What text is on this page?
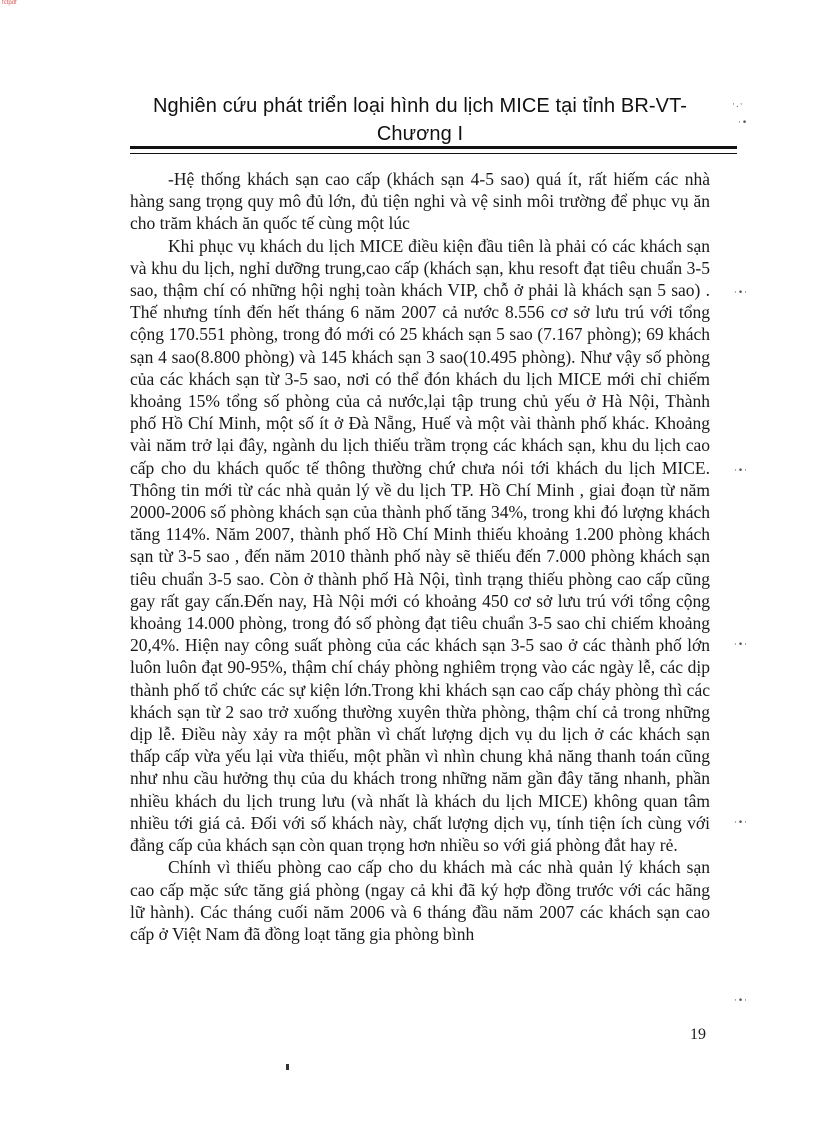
fctpdf
Nghiên cứu phát triển loại hình du lịch MICE tại tỉnh BR-VT-
Chương I

-Hệ thống khách sạn cao cấp (khách sạn 4-5 sao) quá ít, rất hiếm các nhà hàng sang trọng quy mô đủ lớn, đủ tiện nghi và vệ sinh môi trường để phục vụ ăn cho trăm khách ăn quốc tế cùng một lúc

Khi phục vụ khách du lịch MICE điều kiện đầu tiên là phải có các khách sạn và khu du lịch, nghỉ dưỡng trung,cao cấp (khách sạn, khu resoft đạt tiêu chuẩn 3-5 sao, thậm chí có những hội nghị toàn khách VIP, chỗ ở phải là khách sạn 5 sao) . Thế nhưng tính đến hết tháng 6 năm 2007 cả nước 8.556 cơ sở lưu trú với tổng cộng 170.551 phòng, trong đó mới có 25 khách sạn 5 sao (7.167 phòng); 69 khách sạn 4 sao(8.800 phòng) và 145 khách sạn 3 sao(10.495 phòng). Như vậy số phòng của các khách sạn từ 3-5 sao, nơi có thể đón khách du lịch MICE mới chỉ chiếm khoảng 15% tổng số phòng của cả nước,lại tập trung chủ yếu ở Hà Nội, Thành phố Hồ Chí Minh, một số ít ở Đà Nẵng, Huế và một vài thành phố khác. Khoảng vài năm trở lại đây, ngành du lịch thiếu trầm trọng các khách sạn, khu du lịch cao cấp cho du khách quốc tế thông thường chứ chưa nói tới khách du lịch MICE. Thông tin mới từ các nhà quản lý về du lịch TP. Hồ Chí Minh , giai đoạn từ năm 2000-2006 số phòng khách sạn của thành phố tăng 34%, trong khi đó lượng khách tăng 114%. Năm 2007, thành phố Hồ Chí Minh thiếu khoảng 1.200 phòng khách sạn từ 3-5 sao , đến năm 2010 thành phố này sẽ thiếu đến 7.000 phòng khách sạn tiêu chuẩn 3-5 sao. Còn ở thành phố Hà Nội, tình trạng thiếu phòng cao cấp cũng gay rất gay cấn.Đến nay, Hà Nội mới có khoảng 450 cơ sở lưu trú với tổng cộng khoảng 14.000 phòng, trong đó số phòng đạt tiêu chuẩn 3-5 sao chỉ chiếm khoảng 20,4%. Hiện nay công suất phòng của các khách sạn 3-5 sao ở các thành phố lớn luôn luôn đạt 90-95%, thậm chí cháy phòng nghiêm trọng vào các ngày lễ, các dịp thành phố tổ chức các sự kiện lớn.Trong khi khách sạn cao cấp cháy phòng thì các khách sạn từ 2 sao trở xuống thường xuyên thừa phòng, thậm chí cả trong những dịp lễ. Điều này xảy ra một phần vì chất lượng dịch vụ du lịch ở các khách sạn thấp cấp vừa yếu lại vừa thiếu, một phần vì nhìn chung khả năng thanh toán cũng như nhu cầu hưởng thụ của du khách trong những năm gần đây tăng nhanh, phần nhiều khách du lịch trung lưu (và nhất là khách du lịch MICE) không quan tâm nhiều tới giá cả. Đối với số khách này, chất lượng dịch vụ, tính tiện ích cùng với đẳng cấp của khách sạn còn quan trọng hơn nhiều so với giá phòng đắt hay rẻ.

Chính vì thiếu phòng cao cấp cho du khách mà các nhà quản lý khách sạn cao cấp mặc sức tăng giá phòng (ngay cả khi đã ký hợp đồng trước với các hãng lữ hành). Các tháng cuối năm 2006 và 6 tháng đầu năm 2007 các khách sạn cao cấp ở Việt Nam đã đồng loạt tăng gia phòng bình

19
·.·
·•
·•·
·•·
·•·
·•·
·•·
